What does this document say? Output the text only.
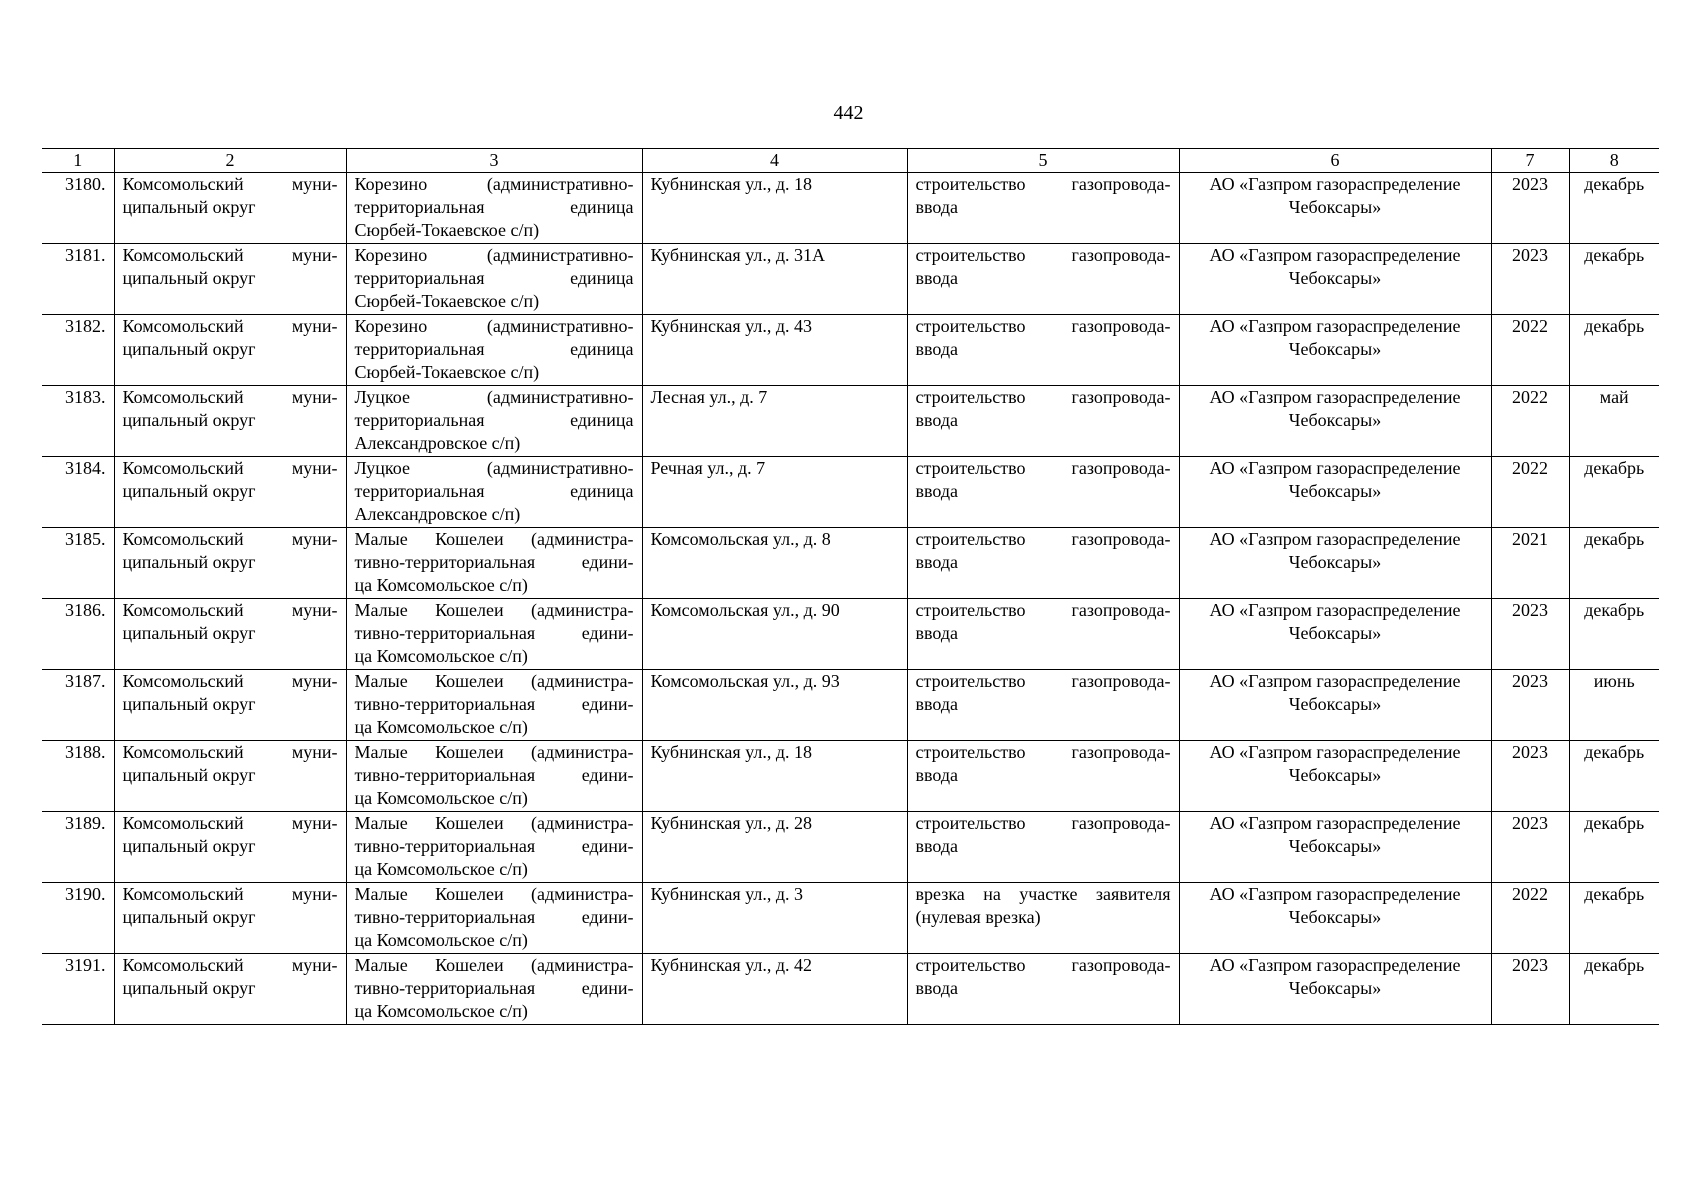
442
1	2	3	4	5	6	7	8
3180.	Комсомольский муни-
ципальный округ	Корезино (административно-
территориальная единица
Сюрбей-Токаевское с/п)	Кубнинская ул., д. 18	строительство газопровода-
ввода	АО «Газпром газораспределение
Чебоксары»	2023	декабрь
3181.	Комсомольский муни-
ципальный округ	Корезино (административно-
территориальная единица
Сюрбей-Токаевское с/п)	Кубнинская ул., д. 31А	строительство газопровода-
ввода	АО «Газпром газораспределение
Чебоксары»	2023	декабрь
3182.	Комсомольский муни-
ципальный округ	Корезино (административно-
территориальная единица
Сюрбей-Токаевское с/п)	Кубнинская ул., д. 43	строительство газопровода-
ввода	АО «Газпром газораспределение
Чебоксары»	2022	декабрь
3183.	Комсомольский муни-
ципальный округ	Луцкое (административно-
территориальная единица
Александровское с/п)	Лесная ул., д. 7	строительство газопровода-
ввода	АО «Газпром газораспределение
Чебоксары»	2022	май
3184.	Комсомольский муни-
ципальный округ	Луцкое (административно-
территориальная единица
Александровское с/п)	Речная ул., д. 7	строительство газопровода-
ввода	АО «Газпром газораспределение
Чебоксары»	2022	декабрь
3185.	Комсомольский муни-
ципальный округ	Малые Кошелеи (администра-
тивно-территориальная едини-
ца Комсомольское с/п)	Комсомольская ул., д. 8	строительство газопровода-
ввода	АО «Газпром газораспределение
Чебоксары»	2021	декабрь
3186.	Комсомольский муни-
ципальный округ	Малые Кошелеи (администра-
тивно-территориальная едини-
ца Комсомольское с/п)	Комсомольская ул., д. 90	строительство газопровода-
ввода	АО «Газпром газораспределение
Чебоксары»	2023	декабрь
3187.	Комсомольский муни-
ципальный округ	Малые Кошелеи (администра-
тивно-территориальная едини-
ца Комсомольское с/п)	Комсомольская ул., д. 93	строительство газопровода-
ввода	АО «Газпром газораспределение
Чебоксары»	2023	июнь
3188.	Комсомольский муни-
ципальный округ	Малые Кошелеи (администра-
тивно-территориальная едини-
ца Комсомольское с/п)	Кубнинская ул., д. 18	строительство газопровода-
ввода	АО «Газпром газораспределение
Чебоксары»	2023	декабрь
3189.	Комсомольский муни-
ципальный округ	Малые Кошелеи (администра-
тивно-территориальная едини-
ца Комсомольское с/п)	Кубнинская ул., д. 28	строительство газопровода-
ввода	АО «Газпром газораспределение
Чебоксары»	2023	декабрь
3190.	Комсомольский муни-
ципальный округ	Малые Кошелеи (администра-
тивно-территориальная едини-
ца Комсомольское с/п)	Кубнинская ул., д. 3	врезка на участке заявителя
(нулевая врезка)	АО «Газпром газораспределение
Чебоксары»	2022	декабрь
3191.	Комсомольский муни-
ципальный округ	Малые Кошелеи (администра-
тивно-территориальная едини-
ца Комсомольское с/п)	Кубнинская ул., д. 42	строительство газопровода-
ввода	АО «Газпром газораспределение
Чебоксары»	2023	декабрь
